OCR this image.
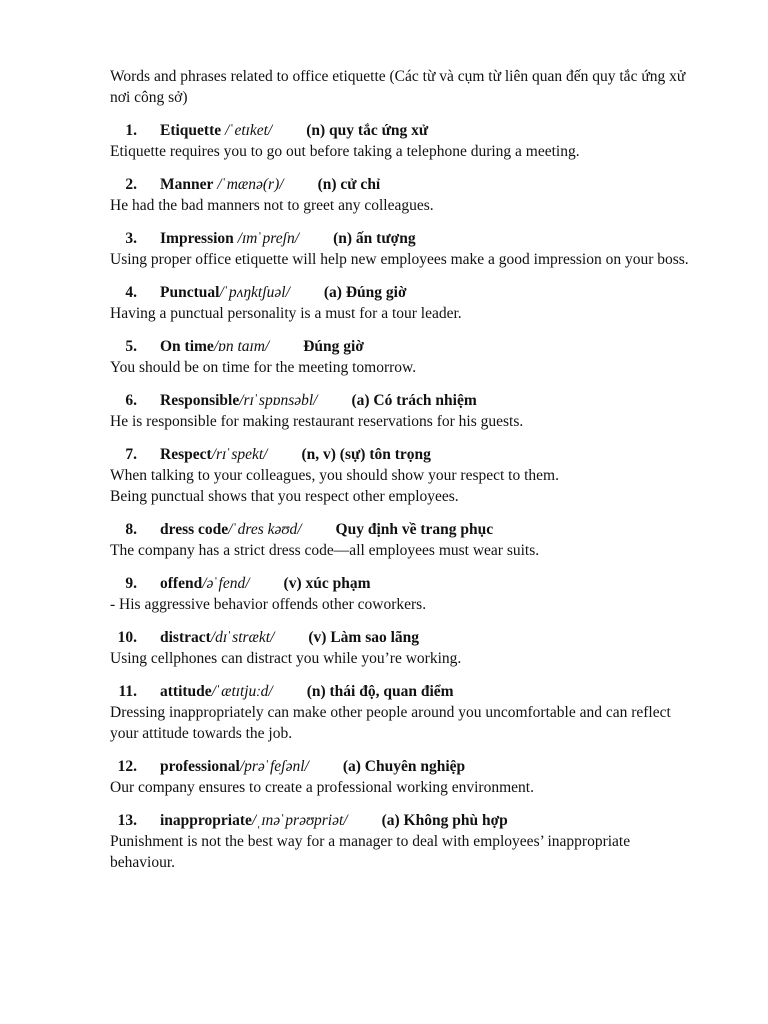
Words and phrases related to office etiquette (Các từ và cụm từ liên quan đến quy tắc ứng xử nơi công sở)
1. Etiquette /ˈetɪket/ (n) quy tắc ứng xử
Etiquette requires you to go out before taking a telephone during a meeting.
2. Manner /ˈmænə(r)/ (n) cử chỉ
He had the bad manners not to greet any colleagues.
3. Impression /ɪmˈpreʃn/ (n) ấn tượng
Using proper office etiquette will help new employees make a good impression on your boss.
4. Punctual/ˈpʌŋktʃuəl/ (a) Đúng giờ
Having a punctual personality is a must for a tour leader.
5. On time/ɒn taɪm/ Đúng giờ
You should be on time for the meeting tomorrow.
6. Responsible/rɪˈspɒnsəbl/ (a) Có trách nhiệm
He is responsible for making restaurant reservations for his guests.
7. Respect/rɪˈspekt/ (n, v) (sự) tôn trọng
When talking to your colleagues, you should show your respect to them.
Being punctual shows that you respect other employees.
8. dress code/ˈdres kəʊd/ Quy định về trang phục
The company has a strict dress code—all employees must wear suits.
9. offend/əˈfend/ (v) xúc phạm
- His aggressive behavior offends other coworkers.
10. distract/dɪˈstrækt/ (v) Làm sao lãng
Using cellphones can distract you while you’re working.
11. attitude/ˈætɪtjuːd/ (n) thái độ, quan điểm
Dressing inappropriately can make other people around you uncomfortable and can reflect your attitude towards the job.
12. professional/prəˈfeʃənl/ (a) Chuyên nghiệp
Our company ensures to create a professional working environment.
13. inappropriate/ˌɪnəˈprəʊpriət/ (a) Không phù hợp
Punishment is not the best way for a manager to deal with employees’ inappropriate behaviour.
